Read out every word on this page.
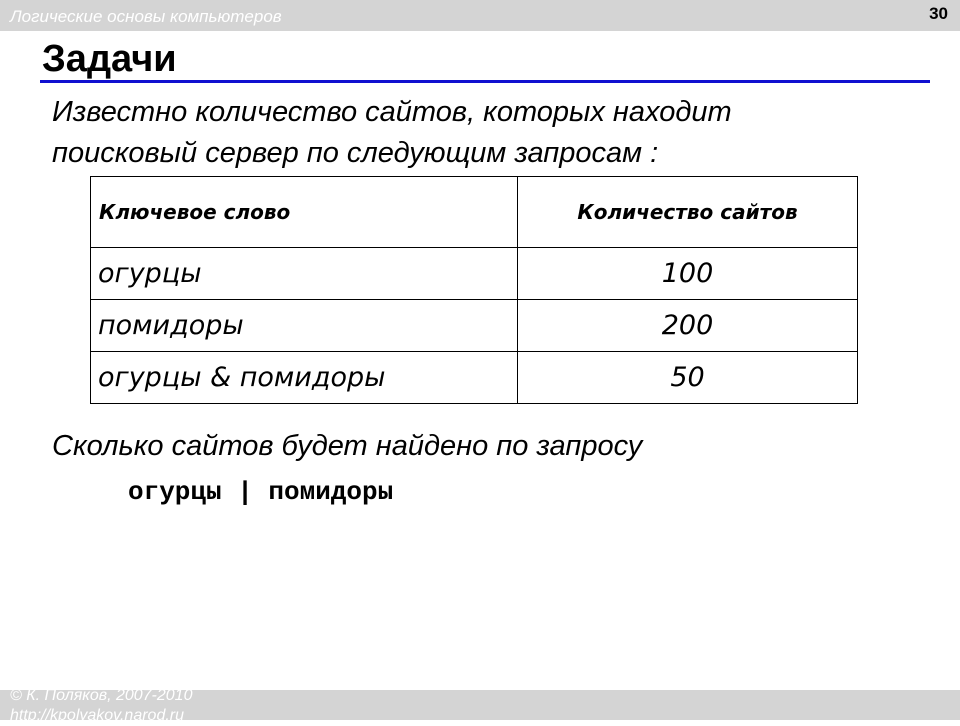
Логические основы компьютеров	30
Задачи
Известно количество сайтов, которых находит
поисковый сервер по следующим запросам :
Ключевое слово	Количество сайтов
огурцы	100
помидоры	200
огурцы & помидоры	50
Сколько сайтов будет найдено по запросу
огурцы | помидоры
© К. Поляков, 2007-2010
http://kpolyakov.narod.ru
